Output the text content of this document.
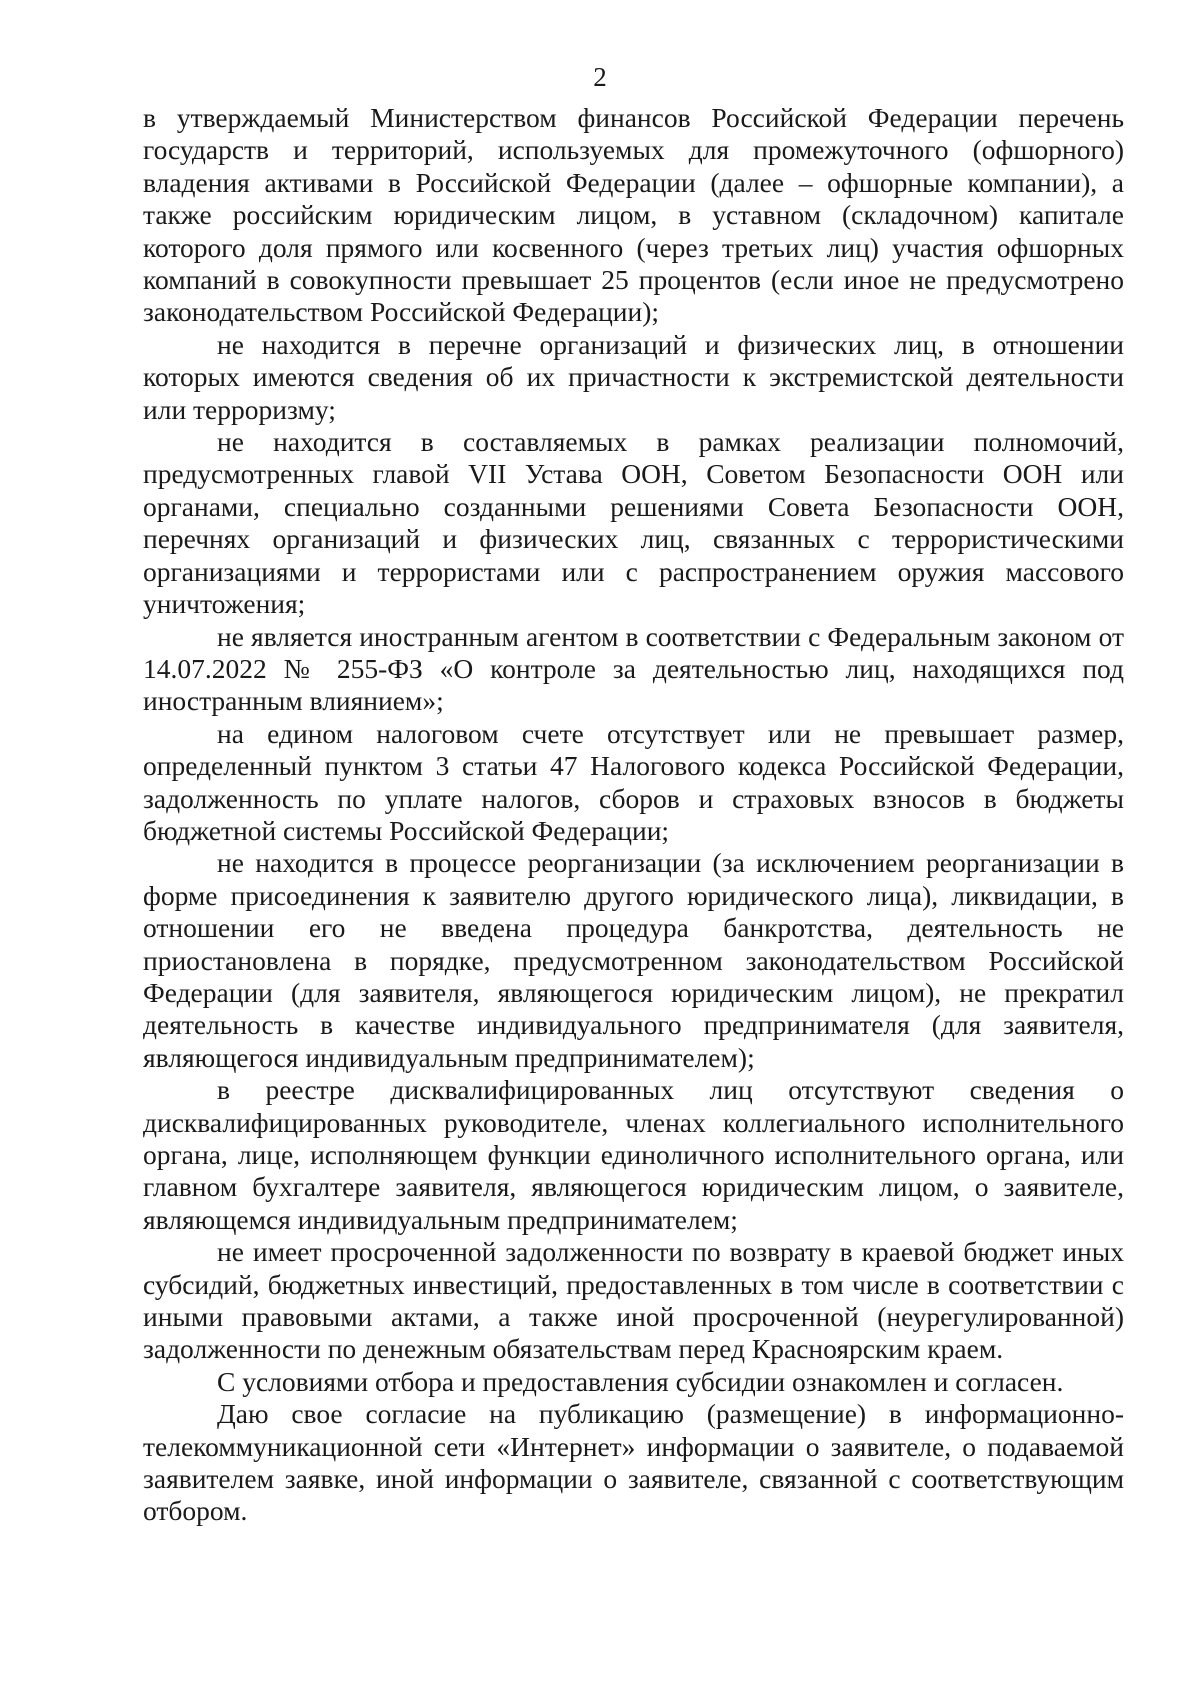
2

в утверждаемый Министерством финансов Российской Федерации перечень государств и территорий, используемых для промежуточного (офшорного) владения активами в Российской Федерации (далее – офшорные компании), а также российским юридическим лицом, в уставном (складочном) капитале которого доля прямого или косвенного (через третьих лиц) участия офшорных компаний в совокупности превышает 25 процентов (если иное не предусмотрено законодательством Российской Федерации);

не находится в перечне организаций и физических лиц, в отношении которых имеются сведения об их причастности к экстремистской деятельности или терроризму;

не находится в составляемых в рамках реализации полномочий, предусмотренных главой VII Устава ООН, Советом Безопасности ООН или органами, специально созданными решениями Совета Безопасности ООН, перечнях организаций и физических лиц, связанных с террористическими организациями и террористами или с распространением оружия массового уничтожения;

не является иностранным агентом в соответствии с Федеральным законом от 14.07.2022 № 255-ФЗ «О контроле за деятельностью лиц, находящихся под иностранным влиянием»;

на едином налоговом счете отсутствует или не превышает размер, определенный пунктом 3 статьи 47 Налогового кодекса Российской Федерации, задолженность по уплате налогов, сборов и страховых взносов в бюджеты бюджетной системы Российской Федерации;

не находится в процессе реорганизации (за исключением реорганизации в форме присоединения к заявителю другого юридического лица), ликвидации, в отношении его не введена процедура банкротства, деятельность не приостановлена в порядке, предусмотренном законодательством Российской Федерации (для заявителя, являющегося юридическим лицом), не прекратил деятельность в качестве индивидуального предпринимателя (для заявителя, являющегося индивидуальным предпринимателем);

в реестре дисквалифицированных лиц отсутствуют сведения о дисквалифицированных руководителе, членах коллегиального исполнительного органа, лице, исполняющем функции единоличного исполнительного органа, или главном бухгалтере заявителя, являющегося юридическим лицом, о заявителе, являющемся индивидуальным предпринимателем;

не имеет просроченной задолженности по возврату в краевой бюджет иных субсидий, бюджетных инвестиций, предоставленных в том числе в соответствии с иными правовыми актами, а также иной просроченной (неурегулированной) задолженности по денежным обязательствам перед Красноярским краем.

С условиями отбора и предоставления субсидии ознакомлен и согласен.

Даю свое согласие на публикацию (размещение) в информационно-телекоммуникационной сети «Интернет» информации о заявителе, о подаваемой заявителем заявке, иной информации о заявителе, связанной с соответствующим отбором.
